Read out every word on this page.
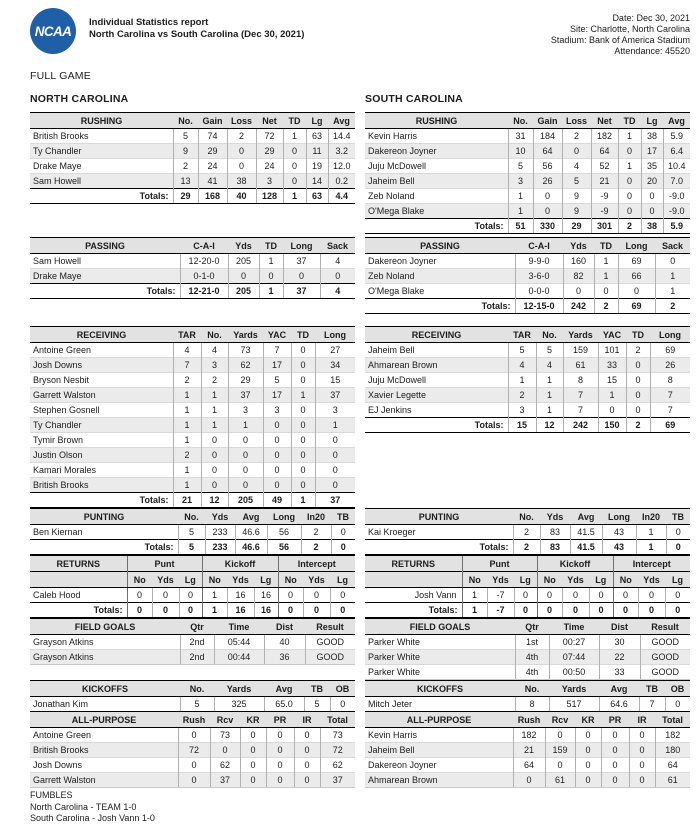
NCAA
Individual Statistics report
North Carolina vs South Carolina (Dec 30, 2021)
Date: Dec 30, 2021
Site: Charlotte, North Carolina
Stadium: Bank of America Stadium
Attendance: 45520
FULL GAME
NORTH CAROLINA	SOUTH CAROLINA
RUSHING	No.	Gain	Loss	Net	TD	Lg	Avg
British Brooks	5	74	2	72	1	63	14.4
Ty Chandler	9	29	0	29	0	11	3.2
Drake Maye	2	24	0	24	0	19	12.0
Sam Howell	13	41	38	3	0	14	0.2
Totals:	29	168	40	128	1	63	4.4
RUSHING	No.	Gain	Loss	Net	TD	Lg	Avg
Kevin Harris	31	184	2	182	1	38	5.9
Dakereon Joyner	10	64	0	64	0	17	6.4
Juju McDowell	5	56	4	52	1	35	10.4
Jaheim Bell	3	26	5	21	0	20	7.0
Zeb Noland	1	0	9	-9	0	0	-9.0
O'Mega Blake	1	0	9	-9	0	0	-9.0
Totals:	51	330	29	301	2	38	5.9
PASSING	C-A-I	Yds	TD	Long	Sack
Sam Howell	12-20-0	205	1	37	4
Drake Maye	0-1-0	0	0	0	0
Totals:	12-21-0	205	1	37	4
PASSING	C-A-I	Yds	TD	Long	Sack
Dakereon Joyner	9-9-0	160	1	69	0
Zeb Noland	3-6-0	82	1	66	1
O'Mega Blake	0-0-0	0	0	0	1
Totals:	12-15-0	242	2	69	2
RECEIVING	TAR	No.	Yards	YAC	TD	Long
Antoine Green	4	4	73	7	0	27
Josh Downs	7	3	62	17	0	34
Bryson Nesbit	2	2	29	5	0	15
Garrett Walston	1	1	37	17	1	37
Stephen Gosnell	1	1	3	3	0	3
Ty Chandler	1	1	1	0	0	1
Tymir Brown	1	0	0	0	0	0
Justin Olson	2	0	0	0	0	0
Kamari Morales	1	0	0	0	0	0
British Brooks	1	0	0	0	0	0
Totals:	21	12	205	49	1	37
RECEIVING	TAR	No.	Yards	YAC	TD	Long
Jaheim Bell	5	5	159	101	2	69
Ahmarean Brown	4	4	61	33	0	26
Juju McDowell	1	1	8	15	0	8
Xavier Legette	2	1	7	1	0	7
EJ Jenkins	3	1	7	0	0	7
Totals:	15	12	242	150	2	69
PUNTING	No.	Yds	Avg	Long	In20	TB
Ben Kiernan	5	233	46.6	56	2	0
Totals:	5	233	46.6	56	2	0
PUNTING	No.	Yds	Avg	Long	In20	TB
Kai Kroeger	2	83	41.5	43	1	0
Totals:	2	83	41.5	43	1	0
RETURNS	Punt			Kickoff			Intercept		
	No	Yds	Lg	No	Yds	Lg	No	Yds	Lg
Caleb Hood	0	0	0	1	16	16	0	0	0
Totals:	0	0	0	1	16	16	0	0	0
RETURNS	Punt			Kickoff			Intercept		
	No	Yds	Lg	No	Yds	Lg	No	Yds	Lg
Josh Vann	1	-7	0	0	0	0	0	0	0
Totals:	1	-7	0	0	0	0	0	0	0
FIELD GOALS	Qtr	Time	Dist	Result
Grayson Atkins	2nd	05:44	40	GOOD
Grayson Atkins	2nd	00:44	36	GOOD
FIELD GOALS	Qtr	Time	Dist	Result
Parker White	1st	00:27	30	GOOD
Parker White	4th	07:44	22	GOOD
Parker White	4th	00:50	33	GOOD
KICKOFFS	No.	Yards	Avg	TB	OB
Jonathan Kim	5	325	65.0	5	0
KICKOFFS	No.	Yards	Avg	TB	OB
Mitch Jeter	8	517	64.6	7	0
ALL-PURPOSE	Rush	Rcv	KR	PR	IR	Total
Antoine Green	0	73	0	0	0	73
British Brooks	72	0	0	0	0	72
Josh Downs	0	62	0	0	0	62
Garrett Walston	0	37	0	0	0	37
ALL-PURPOSE	Rush	Rcv	KR	PR	IR	Total
Kevin Harris	182	0	0	0	0	182
Jaheim Bell	21	159	0	0	0	180
Dakereon Joyner	64	0	0	0	0	64
Ahmarean Brown	0	61	0	0	0	61
FUMBLES
North Carolina - TEAM 1-0
South Carolina - Josh Vann 1-0
